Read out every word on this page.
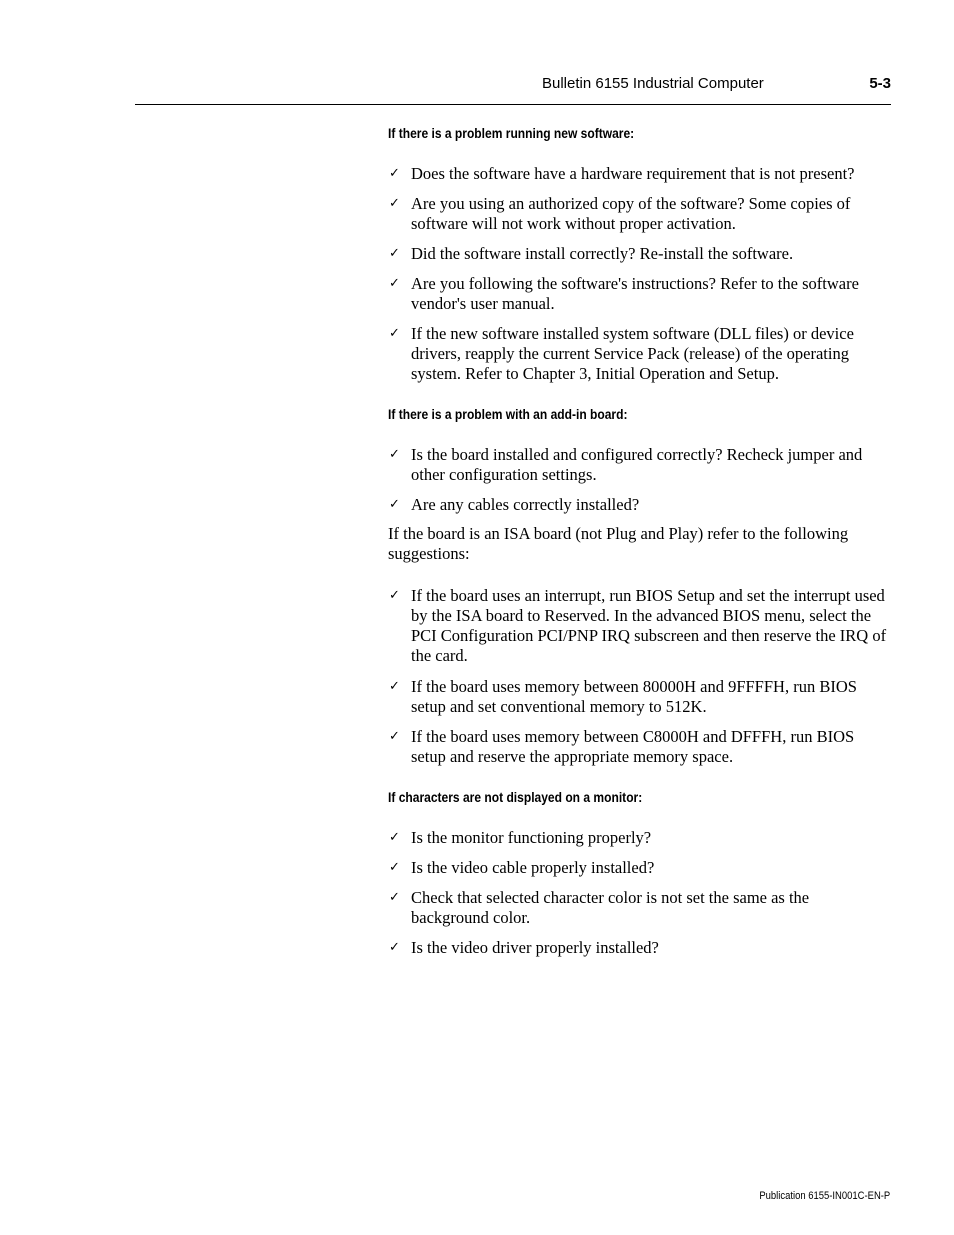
Bulletin 6155 Industrial Computer	5-3
If there is a problem running new software:
✓ Does the software have a hardware requirement that is not present?
✓ Are you using an authorized copy of the software? Some copies of software will not work without proper activation.
✓ Did the software install correctly? Re-install the software.
✓ Are you following the software's instructions? Refer to the software vendor's user manual.
✓ If the new software installed system software (DLL files) or device drivers, reapply the current Service Pack (release) of the operating system. Refer to Chapter 3, Initial Operation and Setup.
If there is a problem with an add-in board:
✓ Is the board installed and configured correctly? Recheck jumper and other configuration settings.
✓ Are any cables correctly installed?

If the board is an ISA board (not Plug and Play) refer to the following suggestions:

✓ If the board uses an interrupt, run BIOS Setup and set the interrupt used by the ISA board to Reserved. In the advanced BIOS menu, select the PCI Configuration PCI/PNP IRQ subscreen and then reserve the IRQ of the card.
✓ If the board uses memory between 80000H and 9FFFFH, run BIOS setup and set conventional memory to 512K.
✓ If the board uses memory between C8000H and DFFFH, run BIOS setup and reserve the appropriate memory space.
If characters are not displayed on a monitor:
✓ Is the monitor functioning properly?
✓ Is the video cable properly installed?
✓ Check that selected character color is not set the same as the background color.
✓ Is the video driver properly installed?
Publication 6155-IN001C-EN-P
